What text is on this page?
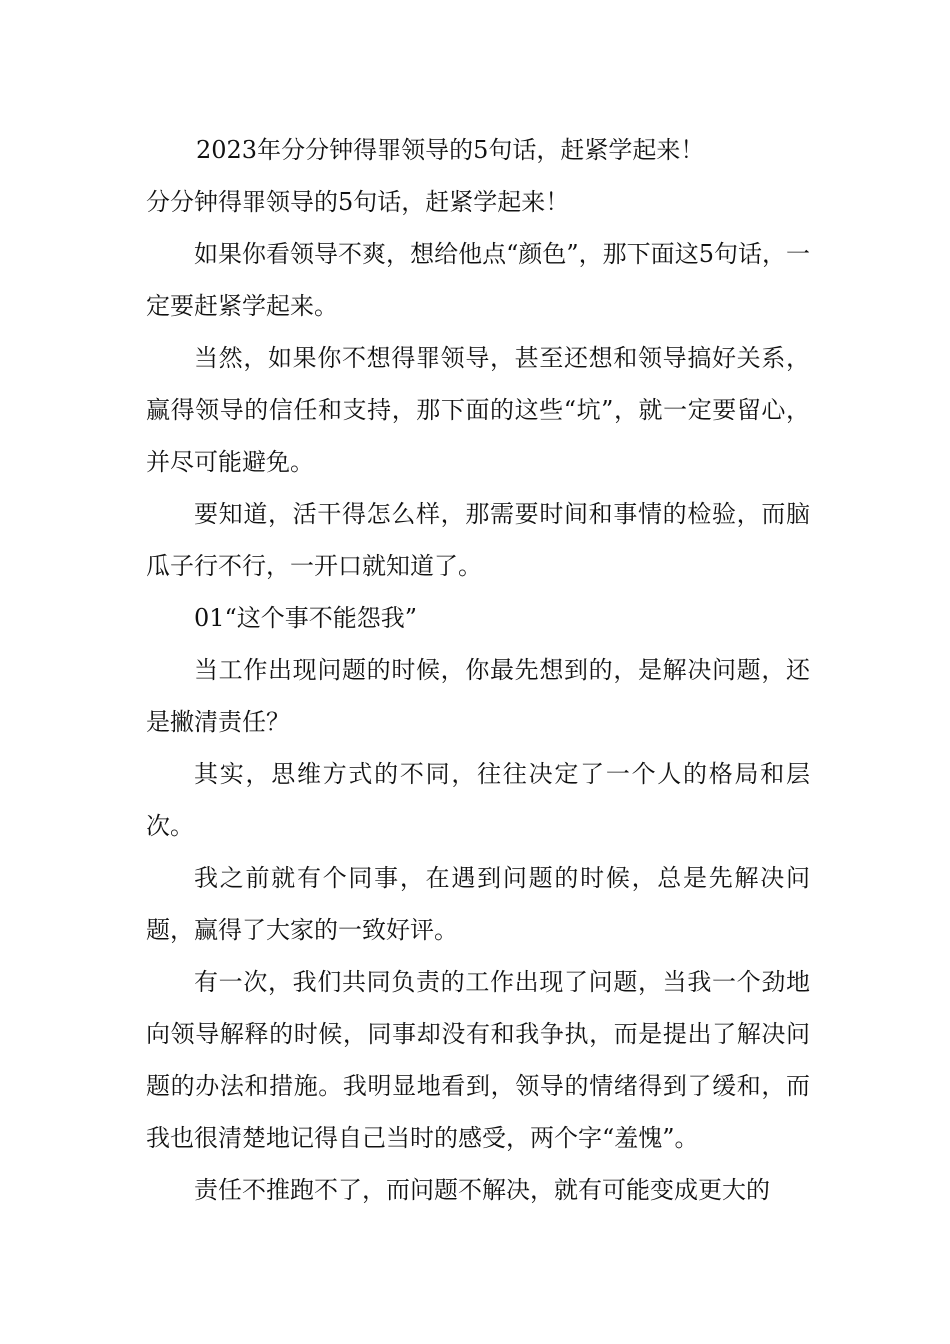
2023年分分钟得罪领导的5句话，赶紧学起来！

分分钟得罪领导的5句话，赶紧学起来！

如果你看领导不爽，想给他点“颜色”，那下面这5句话，一定要赶紧学起来。

当然，如果你不想得罪领导，甚至还想和领导搞好关系，赢得领导的信任和支持，那下面的这些“坑”，就一定要留心，并尽可能避免。

要知道，活干得怎么样，那需要时间和事情的检验，而脑瓜子行不行，一开口就知道了。

01“这个事不能怨我”

当工作出现问题的时候，你最先想到的，是解决问题，还是撇清责任？

其实，思维方式的不同，往往决定了一个人的格局和层次。

我之前就有个同事，在遇到问题的时候，总是先解决问题，赢得了大家的一致好评。

有一次，我们共同负责的工作出现了问题，当我一个劲地向领导解释的时候，同事却没有和我争执，而是提出了解决问题的办法和措施。我明显地看到，领导的情绪得到了缓和，而我也很清楚地记得自己当时的感受，两个字“羞愧”。

责任不推跑不了，而问题不解决，就有可能变成更大的
